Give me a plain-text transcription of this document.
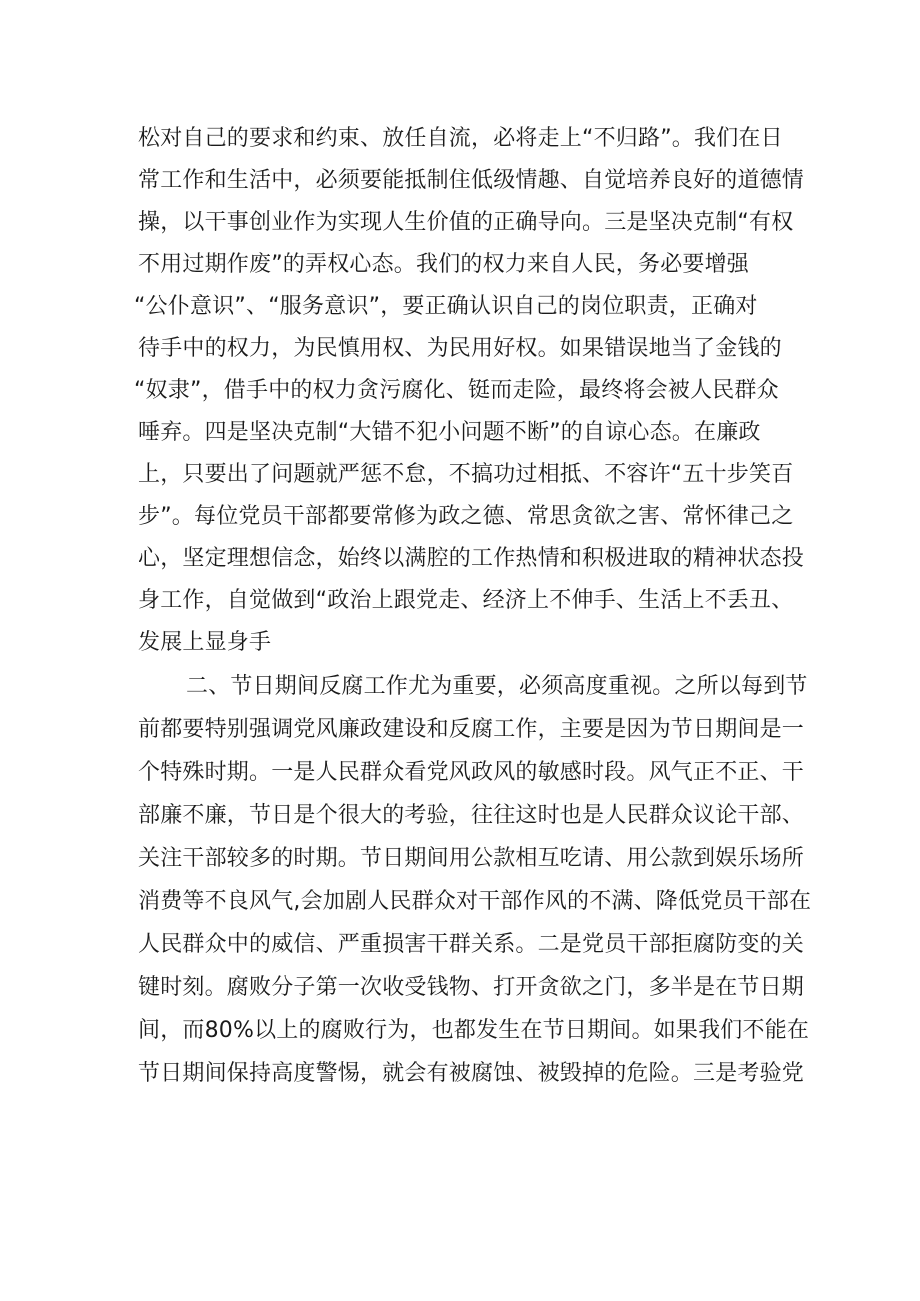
松对自己的要求和约束、放任自流，必将走上“不归路”。我们在日
常工作和生活中，必须要能抵制住低级情趣、自觉培养良好的道德情
操，以干事创业作为实现人生价值的正确导向。三是坚决克制“有权
不用过期作废”的弄权心态。我们的权力来自人民，务必要增强
“公仆意识”、“服务意识”，要正确认识自己的岗位职责，正确对
待手中的权力，为民慎用权、为民用好权。如果错误地当了金钱的
“奴隶”，借手中的权力贪污腐化、铤而走险，最终将会被人民群众
唾弃。四是坚决克制“大错不犯小问题不断”的自谅心态。在廉政
上，只要出了问题就严惩不怠，不搞功过相抵、不容许“五十步笑百
步”。每位党员干部都要常修为政之德、常思贪欲之害、常怀律己之
心，坚定理想信念，始终以满腔的工作热情和积极进取的精神状态投
身工作，自觉做到“政治上跟党走、经济上不伸手、生活上不丢丑、
发展上显身手
二、节日期间反腐工作尤为重要，必须高度重视。之所以每到节
前都要特别强调党风廉政建设和反腐工作，主要是因为节日期间是一
个特殊时期。一是人民群众看党风政风的敏感时段。风气正不正、干
部廉不廉，节日是个很大的考验，往往这时也是人民群众议论干部、
关注干部较多的时期。节日期间用公款相互吃请、用公款到娱乐场所
消费等不良风气,会加剧人民群众对干部作风的不满、降低党员干部在
人民群众中的威信、严重损害干群关系。二是党员干部拒腐防变的关
键时刻。腐败分子第一次收受钱物、打开贪欲之门，多半是在节日期
间，而80%以上的腐败行为，也都发生在节日期间。如果我们不能在
节日期间保持高度警惕，就会有被腐蚀、被毁掉的危险。三是考验党
